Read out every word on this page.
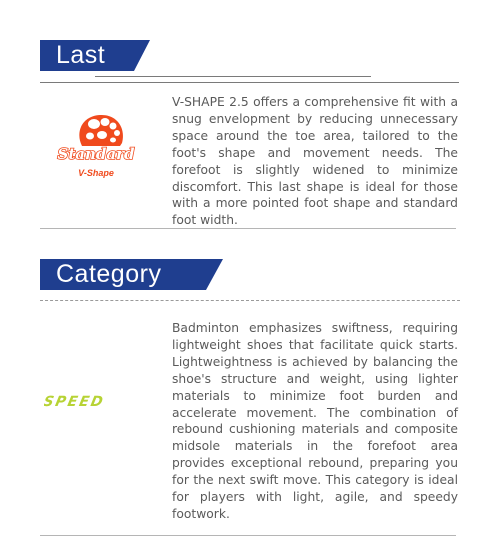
Last
Standard
V-Shape

V-SHAPE 2.5 offers a comprehensive fit with a snug envelopment by reducing unnecessary space around the toe area, tailored to the foot's shape and movement needs. The forefoot is slightly widened to minimize discomfort. This last shape is ideal for those with a more pointed foot shape and standard foot width.

Category
SPEED

Badminton emphasizes swiftness, requiring lightweight shoes that facilitate quick starts. Lightweightness is achieved by balancing the shoe's structure and weight, using lighter materials to minimize foot burden and accelerate movement. The combination of rebound cushioning materials and composite midsole materials in the forefoot area provides exceptional rebound, preparing you for the next swift move. This category is ideal for players with light, agile, and speedy footwork.
